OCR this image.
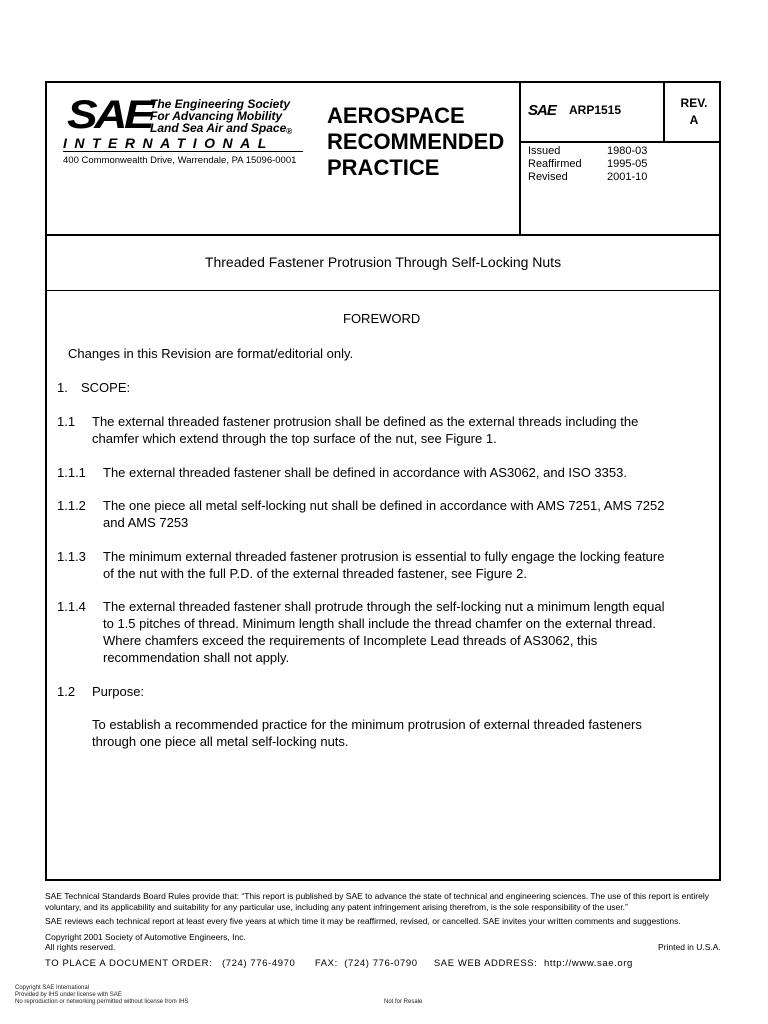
SAE
The Engineering Society
For Advancing Mobility
Land Sea Air and Space®
INTERNATIONAL
400 Commonwealth Drive, Warrendale, PA 15096-0001
AEROSPACE
RECOMMENDED
PRACTICE
SAE ARP1515	REV.
A
Issued	1980-03
Reaffirmed 1995-05
Revised	2001-10
Threaded Fastener Protrusion Through Self-Locking Nuts
FOREWORD
Changes in this Revision are format/editorial only.
1. SCOPE:
1.1 The external threaded fastener protrusion shall be defined as the external threads including the
chamfer which extend through the top surface of the nut, see Figure 1.
1.1.1 The external threaded fastener shall be defined in accordance with AS3062, and ISO 3353.
1.1.2 The one piece all metal self-locking nut shall be defined in accordance with AMS 7251, AMS 7252
and AMS 7253
1.1.3 The minimum external threaded fastener protrusion is essential to fully engage the locking feature
of the nut with the full P.D. of the external threaded fastener, see Figure 2.
1.1.4 The external threaded fastener shall protrude through the self-locking nut a minimum length equal
to 1.5 pitches of thread. Minimum length shall include the thread chamfer on the external thread.
Where chamfers exceed the requirements of Incomplete Lead threads of AS3062, this
recommendation shall not apply.
1.2 Purpose:
To establish a recommended practice for the minimum protrusion of external threaded fasteners
through one piece all metal self-locking nuts.
SAE Technical Standards Board Rules provide that: “This report is published by SAE to advance the state of technical and engineering sciences. The use of this report is entirely
voluntary, and its applicability and suitability for any particular use, including any patent infringement arising therefrom, is the sole responsibility of the user.”
SAE reviews each technical report at least every five years at which time it may be reaffirmed, revised, or cancelled. SAE invites your written comments and suggestions.
Copyright 2001 Society of Automotive Engineers, Inc.
All rights reserved.	Printed in U.S.A.
TO PLACE A DOCUMENT ORDER: (724) 776-4970 FAX: (724) 776-0790 SAE WEB ADDRESS: http://www.sae.org
Copyright SAE International
Provided by IHS under license with SAE
No reproduction or networking permitted without license from IHS	Not for Resale
